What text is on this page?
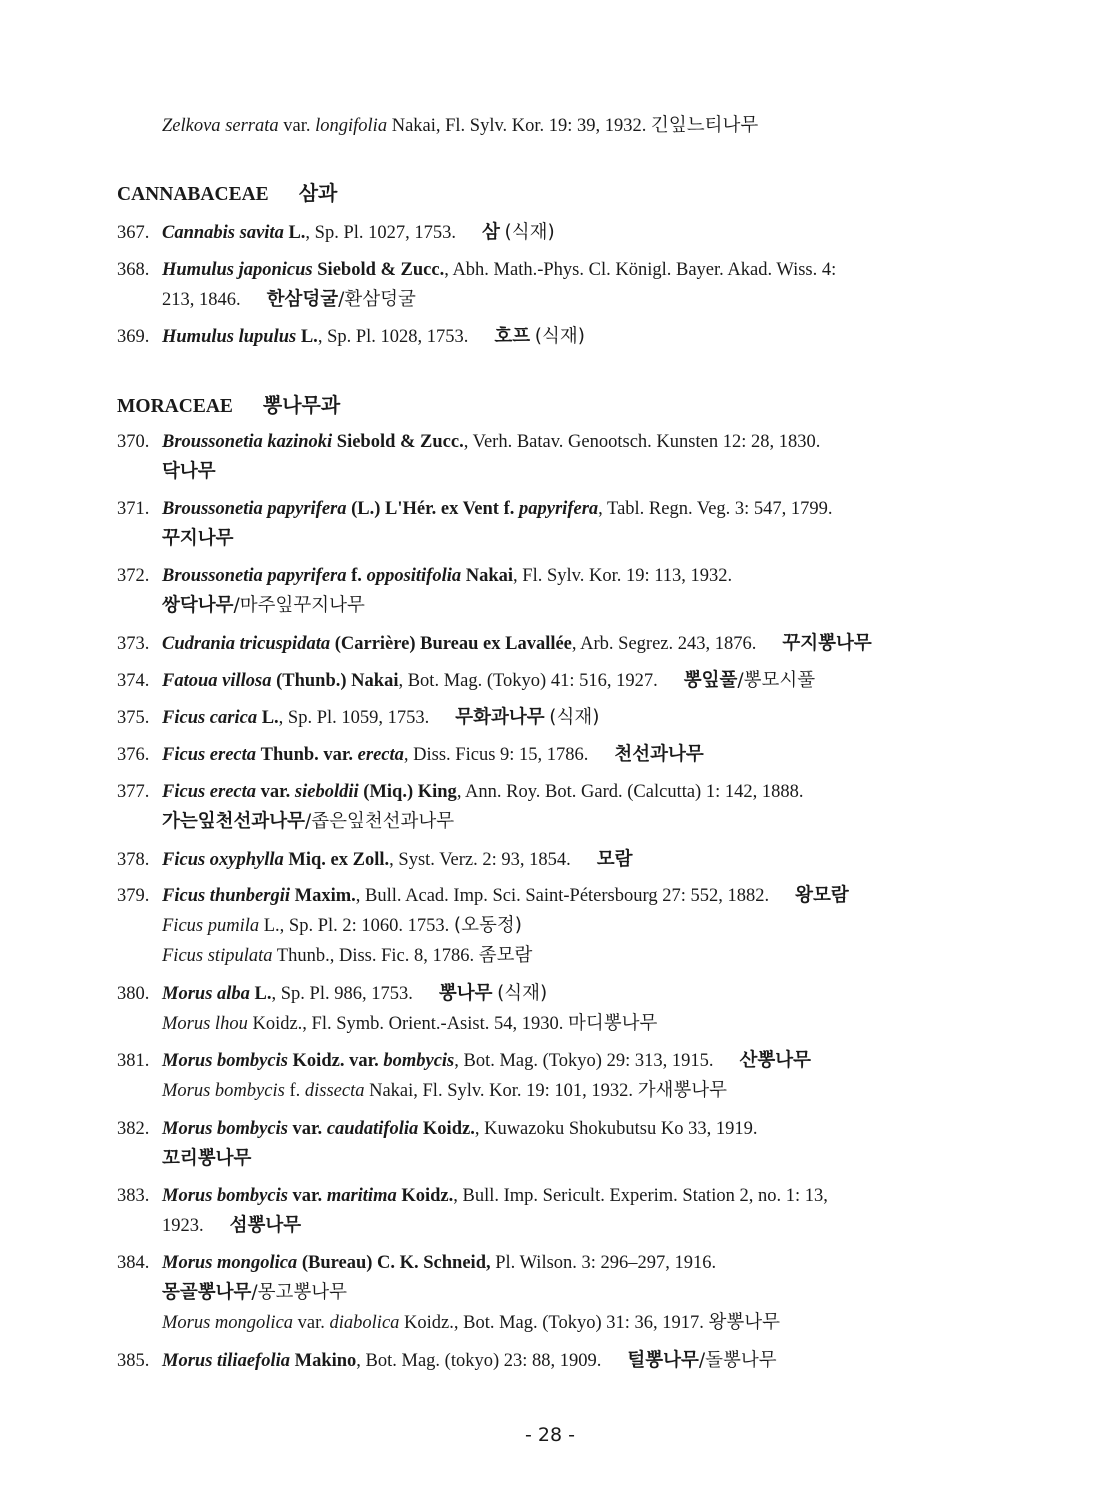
Zelkova serrata var. longifolia Nakai, Fl. Sylv. Kor. 19: 39, 1932. 긴잎느티나무
CANNABACEAE 삼과
367. Cannabis savita L., Sp. Pl. 1027, 1753. 삼 (식재)
368. Humulus japonicus Siebold & Zucc., Abh. Math.-Phys. Cl. Königl. Bayer. Akad. Wiss. 4:
213, 1846. 한삼덩굴/환삼덩굴
369. Humulus lupulus L., Sp. Pl. 1028, 1753. 호프 (식재)
MORACEAE 뽕나무과
370. Broussonetia kazinoki Siebold & Zucc., Verh. Batav. Genootsch. Kunsten 12: 28, 1830.
닥나무
371. Broussonetia papyrifera (L.) L'Hér. ex Vent f. papyrifera, Tabl. Regn. Veg. 3: 547, 1799.
꾸지나무
372. Broussonetia papyrifera f. oppositifolia Nakai, Fl. Sylv. Kor. 19: 113, 1932.
쌍닥나무/마주잎꾸지나무
373. Cudrania tricuspidata (Carrière) Bureau ex Lavallée, Arb. Segrez. 243, 1876. 꾸지뽕나무
374. Fatoua villosa (Thunb.) Nakai, Bot. Mag. (Tokyo) 41: 516, 1927. 뽕잎풀/뽕모시풀
375. Ficus carica L., Sp. Pl. 1059, 1753. 무화과나무 (식재)
376. Ficus erecta Thunb. var. erecta, Diss. Ficus 9: 15, 1786. 천선과나무
377. Ficus erecta var. sieboldii (Miq.) King, Ann. Roy. Bot. Gard. (Calcutta) 1: 142, 1888.
가는잎천선과나무/좁은잎천선과나무
378. Ficus oxyphylla Miq. ex Zoll., Syst. Verz. 2: 93, 1854. 모람
379. Ficus thunbergii Maxim., Bull. Acad. Imp. Sci. Saint-Pétersbourg 27: 552, 1882. 왕모람
Ficus pumila L., Sp. Pl. 2: 1060. 1753. (오동정)
Ficus stipulata Thunb., Diss. Fic. 8, 1786. 좀모람
380. Morus alba L., Sp. Pl. 986, 1753. 뽕나무 (식재)
Morus lhou Koidz., Fl. Symb. Orient.-Asist. 54, 1930. 마디뽕나무
381. Morus bombycis Koidz. var. bombycis, Bot. Mag. (Tokyo) 29: 313, 1915. 산뽕나무
Morus bombycis f. dissecta Nakai, Fl. Sylv. Kor. 19: 101, 1932. 가새뽕나무
382. Morus bombycis var. caudatifolia Koidz., Kuwazoku Shokubutsu Ko 33, 1919.
꼬리뽕나무
383. Morus bombycis var. maritima Koidz., Bull. Imp. Sericult. Experim. Station 2, no. 1: 13,
1923. 섬뽕나무
384. Morus mongolica (Bureau) C. K. Schneid, Pl. Wilson. 3: 296–297, 1916.
몽골뽕나무/몽고뽕나무
Morus mongolica var. diabolica Koidz., Bot. Mag. (Tokyo) 31: 36, 1917. 왕뽕나무
385. Morus tiliaefolia Makino, Bot. Mag. (tokyo) 23: 88, 1909. 털뽕나무/돌뽕나무
- 28 -
